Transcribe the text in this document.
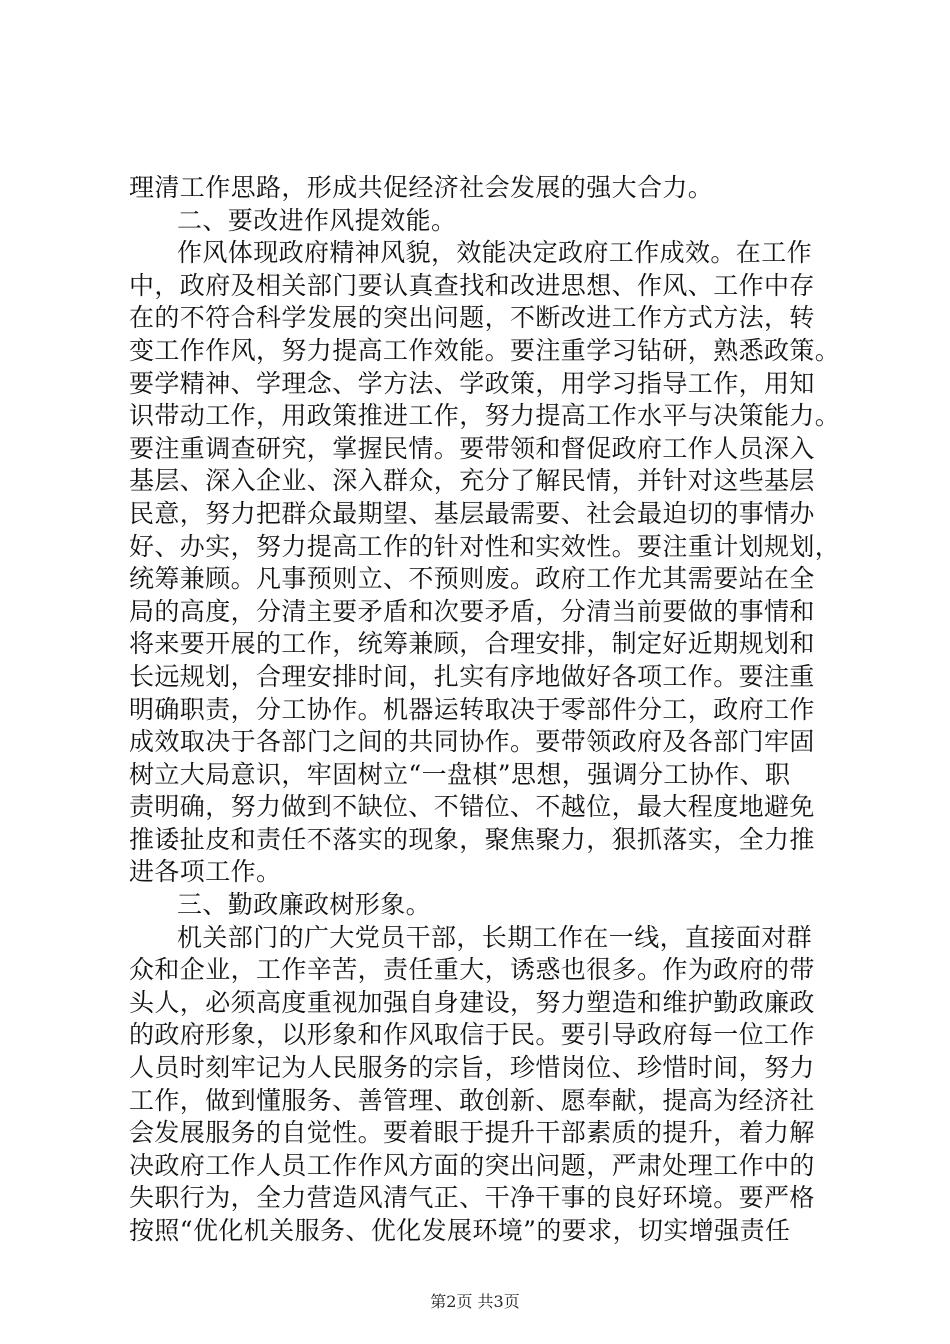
理清工作思路，形成共促经济社会发展的强大合力。
二、要改进作风提效能。
作风体现政府精神风貌，效能决定政府工作成效。在工作
中，政府及相关部门要认真查找和改进思想、作风、工作中存
在的不符合科学发展的突出问题，不断改进工作方式方法，转
变工作作风，努力提高工作效能。要注重学习钻研，熟悉政策。
要学精神、学理念、学方法、学政策，用学习指导工作，用知
识带动工作，用政策推进工作，努力提高工作水平与决策能力。
要注重调查研究，掌握民情。要带领和督促政府工作人员深入
基层、深入企业、深入群众，充分了解民情，并针对这些基层
民意，努力把群众最期望、基层最需要、社会最迫切的事情办
好、办实，努力提高工作的针对性和实效性。要注重计划规划，
统筹兼顾。凡事预则立、不预则废。政府工作尤其需要站在全
局的高度，分清主要矛盾和次要矛盾，分清当前要做的事情和
将来要开展的工作，统筹兼顾，合理安排，制定好近期规划和
长远规划，合理安排时间，扎实有序地做好各项工作。要注重
明确职责，分工协作。机器运转取决于零部件分工，政府工作
成效取决于各部门之间的共同协作。要带领政府及各部门牢固
树立大局意识，牢固树立“一盘棋”思想，强调分工协作、职
责明确，努力做到不缺位、不错位、不越位，最大程度地避免
推诿扯皮和责任不落实的现象，聚焦聚力，狠抓落实，全力推
进各项工作。
三、勤政廉政树形象。
机关部门的广大党员干部，长期工作在一线，直接面对群
众和企业，工作辛苦，责任重大，诱惑也很多。作为政府的带
头人，必须高度重视加强自身建设，努力塑造和维护勤政廉政
的政府形象，以形象和作风取信于民。要引导政府每一位工作
人员时刻牢记为人民服务的宗旨，珍惜岗位、珍惜时间，努力
工作，做到懂服务、善管理、敢创新、愿奉献，提高为经济社
会发展服务的自觉性。要着眼于提升干部素质的提升，着力解
决政府工作人员工作作风方面的突出问题，严肃处理工作中的
失职行为，全力营造风清气正、干净干事的良好环境。要严格
按照“优化机关服务、优化发展环境”的要求，切实增强责任
第2页 共3页
